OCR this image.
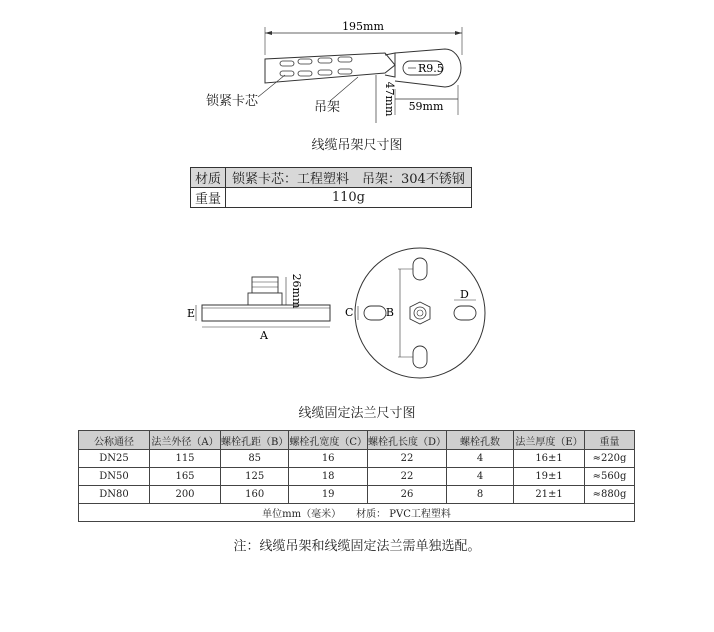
195mm
R9.5
47mm 59mm
锁紧卡芯	吊架
线缆吊架尺寸图
材质	锁紧卡芯：工程塑料　吊架：304不锈钢
重量	110g
26mm
E
A
B
C
D
线缆固定法兰尺寸图
公称通径	法兰外径（A）	螺栓孔距（B）	螺栓孔宽度（C）	螺栓孔长度（D）	螺栓孔数	法兰厚度（E）	重量
DN25	115	85	16	22	4	16±1	≈220g
DN50	165	125	18	22	4	19±1	≈560g
DN80	200	160	19	26	8	21±1	≈880g
单位mm（毫米）　　材质： PVC工程塑料							
注：线缆吊架和线缆固定法兰需单独选配。
